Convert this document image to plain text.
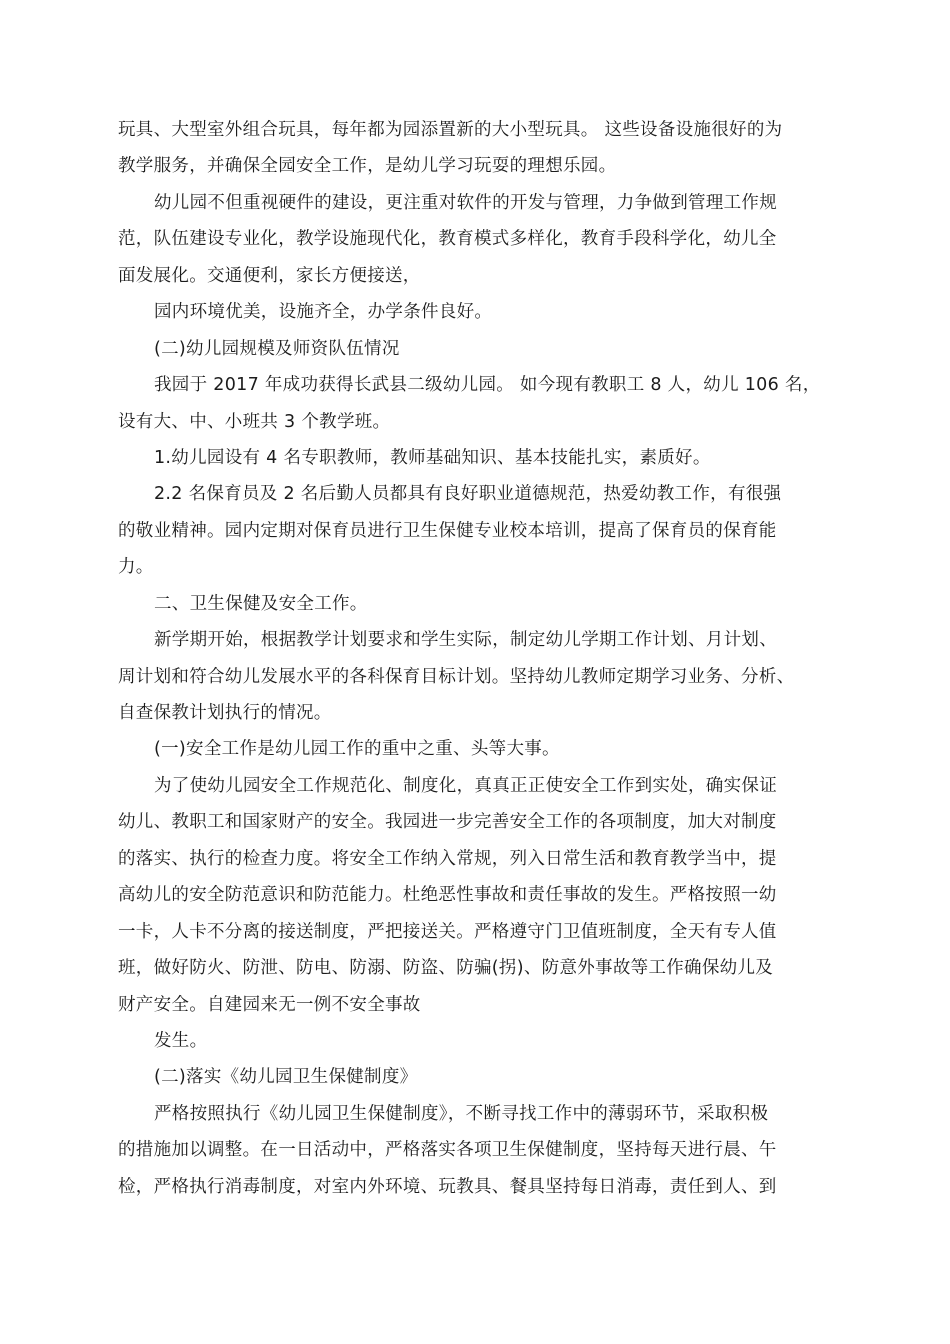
玩具、大型室外组合玩具，每年都为园添置新的大小型玩具。 这些设备设施很好的为
教学服务，并确保全园安全工作，是幼儿学习玩耍的理想乐园。
幼儿园不但重视硬件的建设，更注重对软件的开发与管理，力争做到管理工作规
范，队伍建设专业化，教学设施现代化，教育模式多样化，教育手段科学化，幼儿全
面发展化。交通便利，家长方便接送，
园内环境优美，设施齐全，办学条件良好。
(二)幼儿园规模及师资队伍情况
我园于 2017 年成功获得长武县二级幼儿园。 如今现有教职工 8 人，幼儿 106 名，
设有大、中、小班共 3 个教学班。
1.幼儿园设有 4 名专职教师，教师基础知识、基本技能扎实，素质好。
2.2 名保育员及 2 名后勤人员都具有良好职业道德规范，热爱幼教工作，有很强
的敬业精神。园内定期对保育员进行卫生保健专业校本培训，提高了保育员的保育能
力。
二、卫生保健及安全工作。
新学期开始，根据教学计划要求和学生实际，制定幼儿学期工作计划、月计划、
周计划和符合幼儿发展水平的各科保育目标计划。坚持幼儿教师定期学习业务、分析、
自查保教计划执行的情况。
(一)安全工作是幼儿园工作的重中之重、头等大事。
为了使幼儿园安全工作规范化、制度化，真真正正使安全工作到实处，确实保证
幼儿、教职工和国家财产的安全。我园进一步完善安全工作的各项制度，加大对制度
的落实、执行的检查力度。将安全工作纳入常规，列入日常生活和教育教学当中，提
高幼儿的安全防范意识和防范能力。杜绝恶性事故和责任事故的发生。严格按照一幼
一卡，人卡不分离的接送制度，严把接送关。严格遵守门卫值班制度，全天有专人值
班，做好防火、防泄、防电、防溺、防盗、防骗(拐)、防意外事故等工作确保幼儿及
财产安全。自建园来无一例不安全事故
发生。
(二)落实《幼儿园卫生保健制度》
严格按照执行《幼儿园卫生保健制度》，不断寻找工作中的薄弱环节，采取积极
的措施加以调整。在一日活动中，严格落实各项卫生保健制度，坚持每天进行晨、午
检，严格执行消毒制度，对室内外环境、玩教具、餐具坚持每日消毒，责任到人、到
